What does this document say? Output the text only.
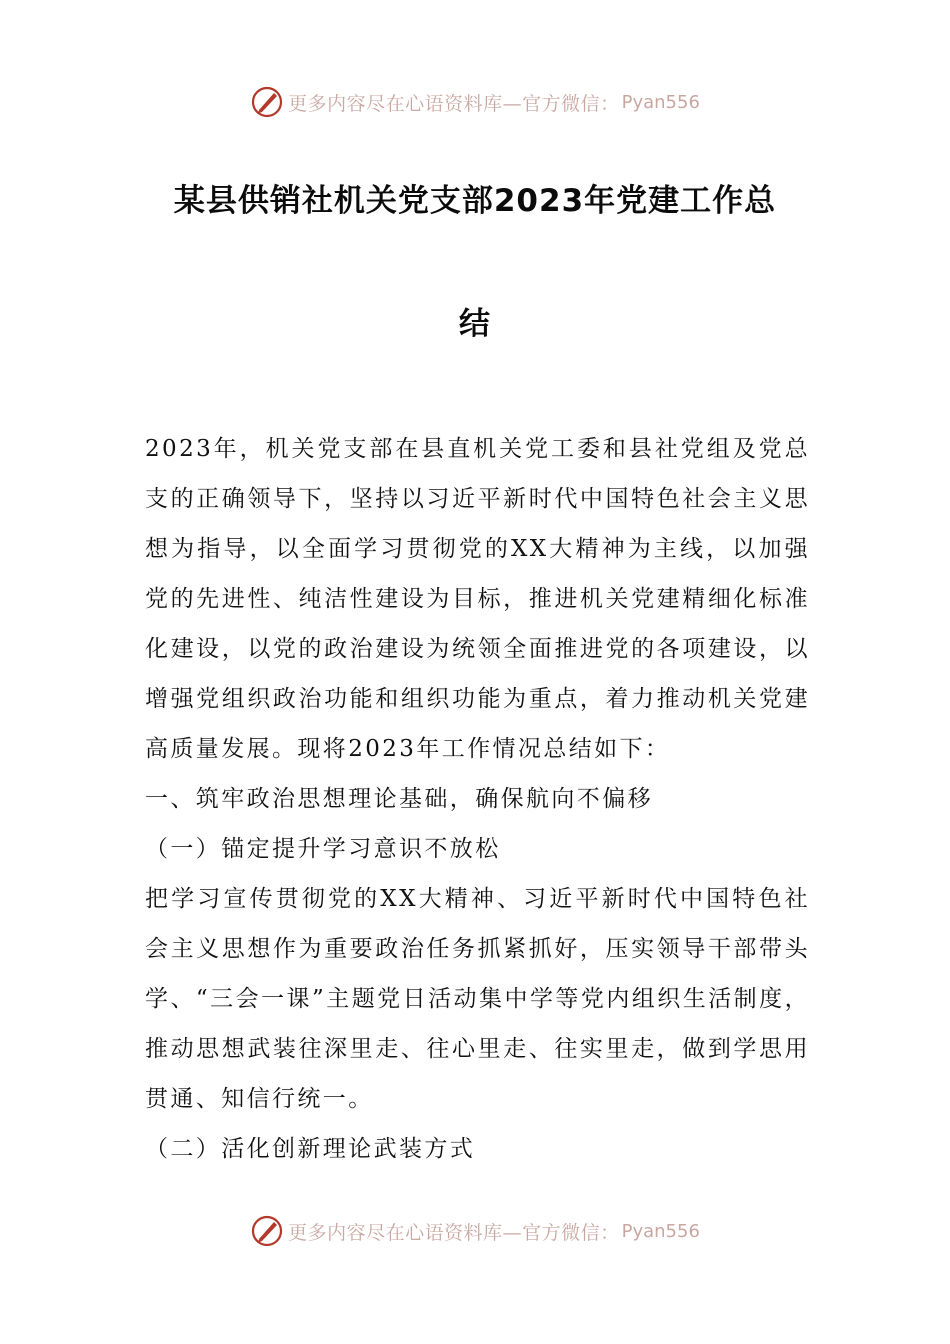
更多内容尽在心语资料库—官方微信： Pyan556
某县供销社机关党支部2023年党建工作总
结

2023年，机关党支部在县直机关党工委和县社党组及党总支的正确领导下，坚持以习近平新时代中国特色社会主义思想为指导，以全面学习贯彻党的XX大精神为主线，以加强党的先进性、纯洁性建设为目标，推进机关党建精细化标准化建设，以党的政治建设为统领全面推进党的各项建设，以增强党组织政治功能和组织功能为重点，着力推动机关党建高质量发展。现将2023年工作情况总结如下：

一、筑牢政治思想理论基础，确保航向不偏移

（一）锚定提升学习意识不放松

把学习宣传贯彻党的XX大精神、习近平新时代中国特色社会主义思想作为重要政治任务抓紧抓好，压实领导干部带头学、“三会一课”主题党日活动集中学等党内组织生活制度，推动思想武装往深里走、往心里走、往实里走，做到学思用贯通、知信行统一。

（二）活化创新理论武装方式

更多内容尽在心语资料库—官方微信： Pyan556
